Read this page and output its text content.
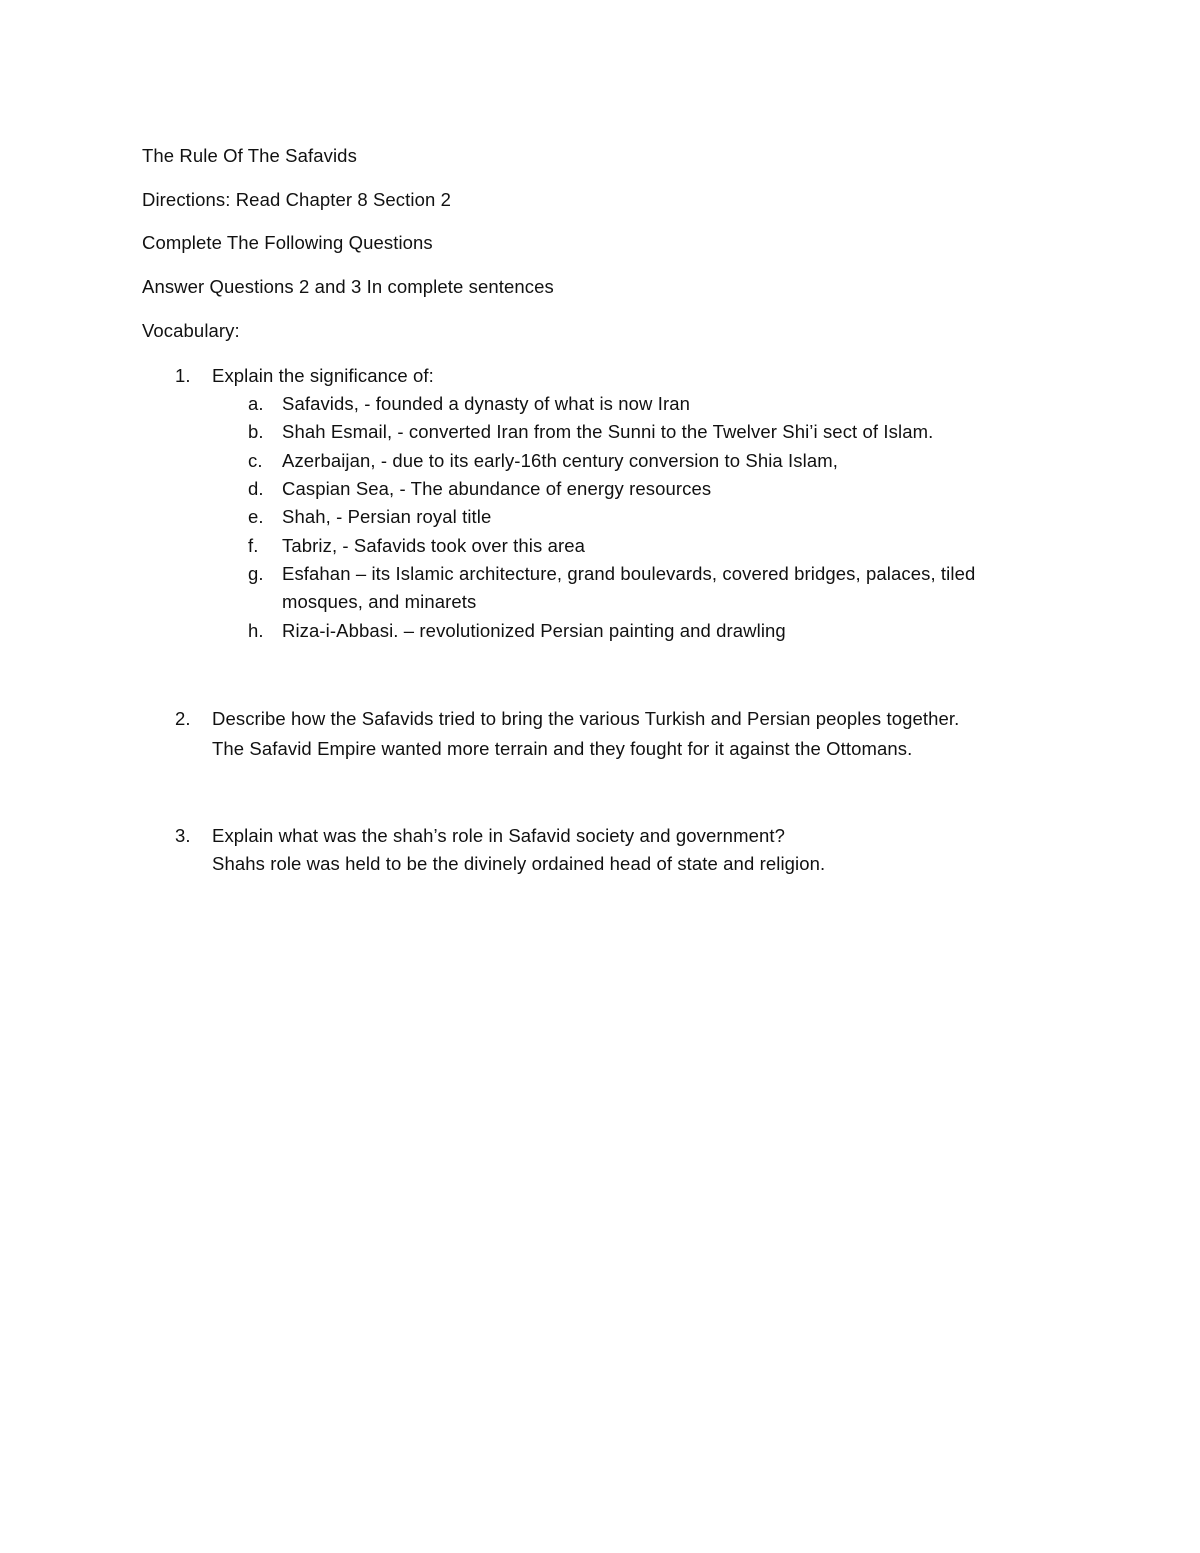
The Rule Of The Safavids
Directions: Read Chapter 8 Section 2
Complete The Following Questions
Answer Questions 2 and 3 In complete sentences
Vocabulary:
1. Explain the significance of:
a. Safavids, - founded a dynasty of what is now Iran
b. Shah Esmail, - converted Iran from the Sunni to the Twelver Shi’i sect of Islam.
c. Azerbaijan, - due to its early-16th century conversion to Shia Islam,
d. Caspian Sea, - The abundance of energy resources
e. Shah, - Persian royal title
f. Tabriz, - Safavids took over this area
g. Esfahan – its Islamic architecture, grand boulevards, covered bridges, palaces, tiled
mosques, and minarets
h. Riza-i-Abbasi. – revolutionized Persian painting and drawling
2. Describe how the Safavids tried to bring the various Turkish and Persian peoples together.
The Safavid Empire wanted more terrain and they fought for it against the Ottomans.
3. Explain what was the shah’s role in Safavid society and government?
Shahs role was held to be the divinely ordained head of state and religion.
